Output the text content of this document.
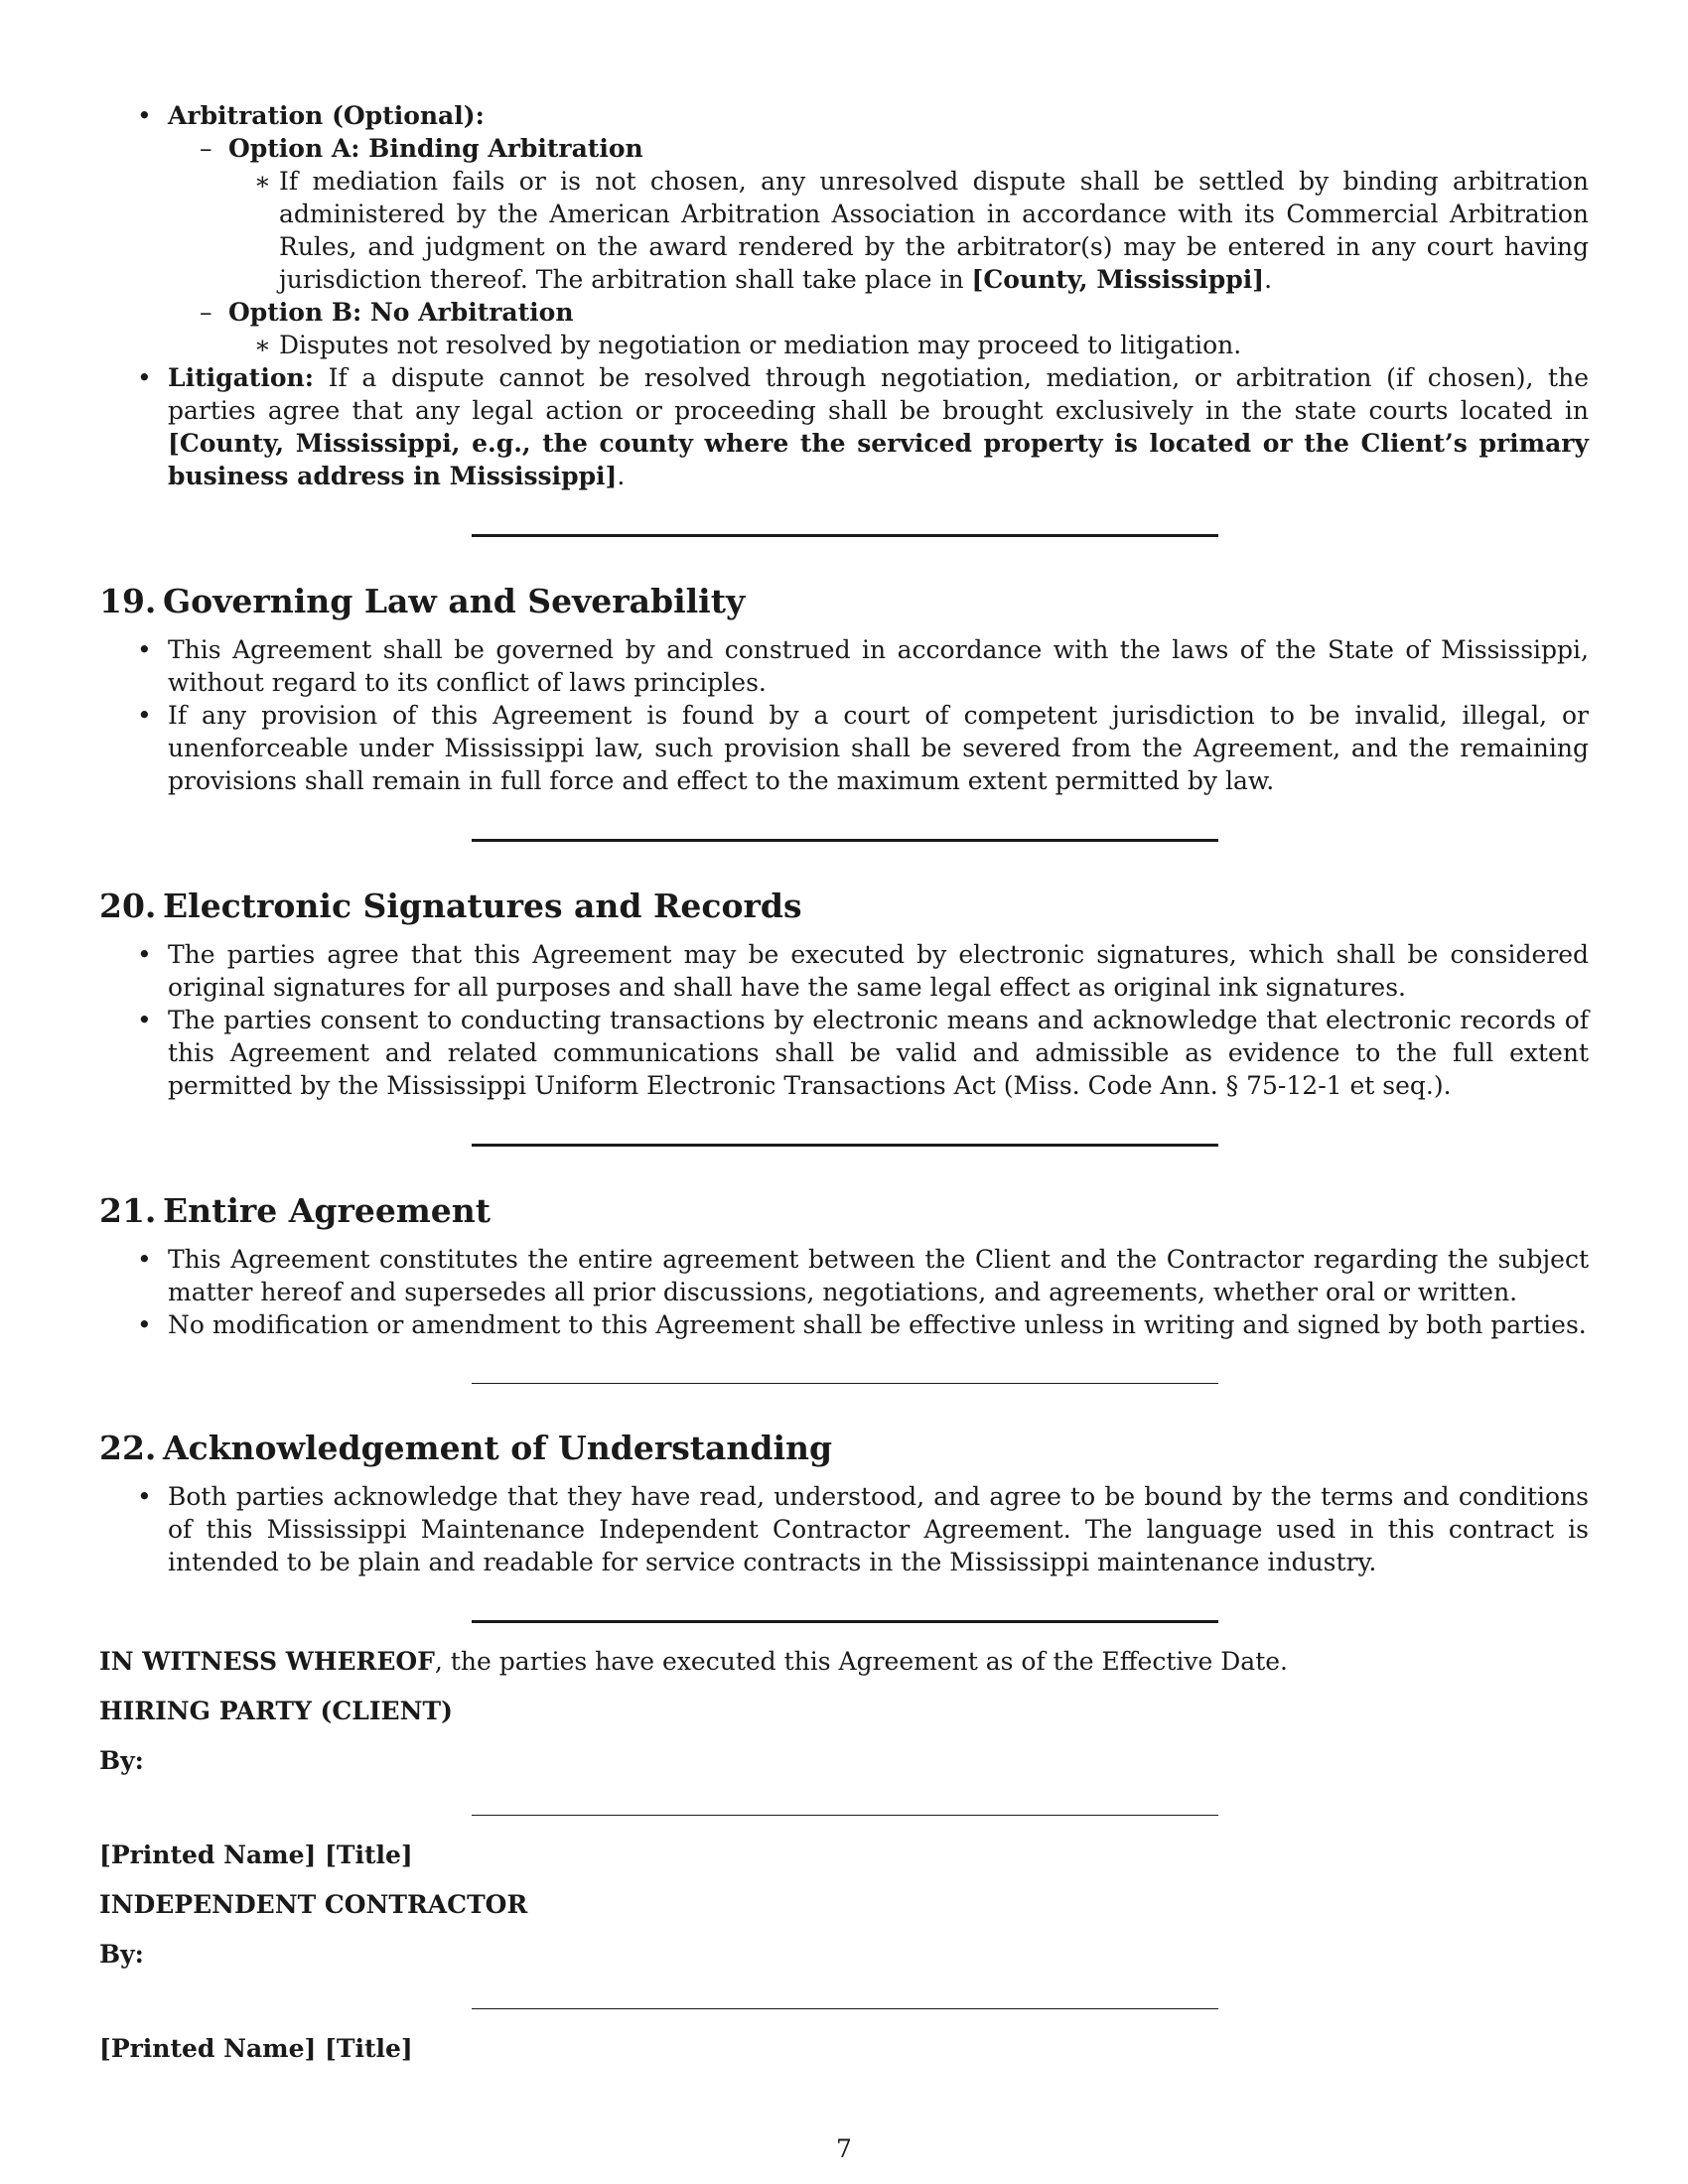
• Arbitration (Optional):
– Option A: Binding Arbitration
∗ If mediation fails or is not chosen, any unresolved dispute shall be settled by binding arbitration administered by the American Arbitration Association in accordance with its Commercial Arbitration Rules, and judgment on the award rendered by the arbitrator(s) may be entered in any court having jurisdiction thereof. The arbitration shall take place in [County, Mississippi].
– Option B: No Arbitration
∗ Disputes not resolved by negotiation or mediation may proceed to litigation.
• Litigation: If a dispute cannot be resolved through negotiation, mediation, or arbitration (if chosen), the parties agree that any legal action or proceeding shall be brought exclusively in the state courts located in [County, Mississippi, e.g., the county where the serviced property is located or the Client’s primary business address in Mississippi].
19. Governing Law and Severability
• This Agreement shall be governed by and construed in accordance with the laws of the State of Mississippi, without regard to its conflict of laws principles.
• If any provision of this Agreement is found by a court of competent jurisdiction to be invalid, illegal, or unenforceable under Mississippi law, such provision shall be severed from the Agreement, and the remaining provisions shall remain in full force and effect to the maximum extent permitted by law.
20. Electronic Signatures and Records
• The parties agree that this Agreement may be executed by electronic signatures, which shall be considered original signatures for all purposes and shall have the same legal effect as original ink signatures.
• The parties consent to conducting transactions by electronic means and acknowledge that electronic records of this Agreement and related communications shall be valid and admissible as evidence to the full extent permitted by the Mississippi Uniform Electronic Transactions Act (Miss. Code Ann. § 75-12-1 et seq.).
21. Entire Agreement
• This Agreement constitutes the entire agreement between the Client and the Contractor regarding the subject matter hereof and supersedes all prior discussions, negotiations, and agreements, whether oral or written.
• No modification or amendment to this Agreement shall be effective unless in writing and signed by both parties.
22. Acknowledgement of Understanding
• Both parties acknowledge that they have read, understood, and agree to be bound by the terms and conditions of this Mississippi Maintenance Independent Contractor Agreement. The language used in this contract is intended to be plain and readable for service contracts in the Mississippi maintenance industry.

IN WITNESS WHEREOF, the parties have executed this Agreement as of the Effective Date.

HIRING PARTY (CLIENT)

By:

[Printed Name] [Title]

INDEPENDENT CONTRACTOR

By:

[Printed Name] [Title]

7
